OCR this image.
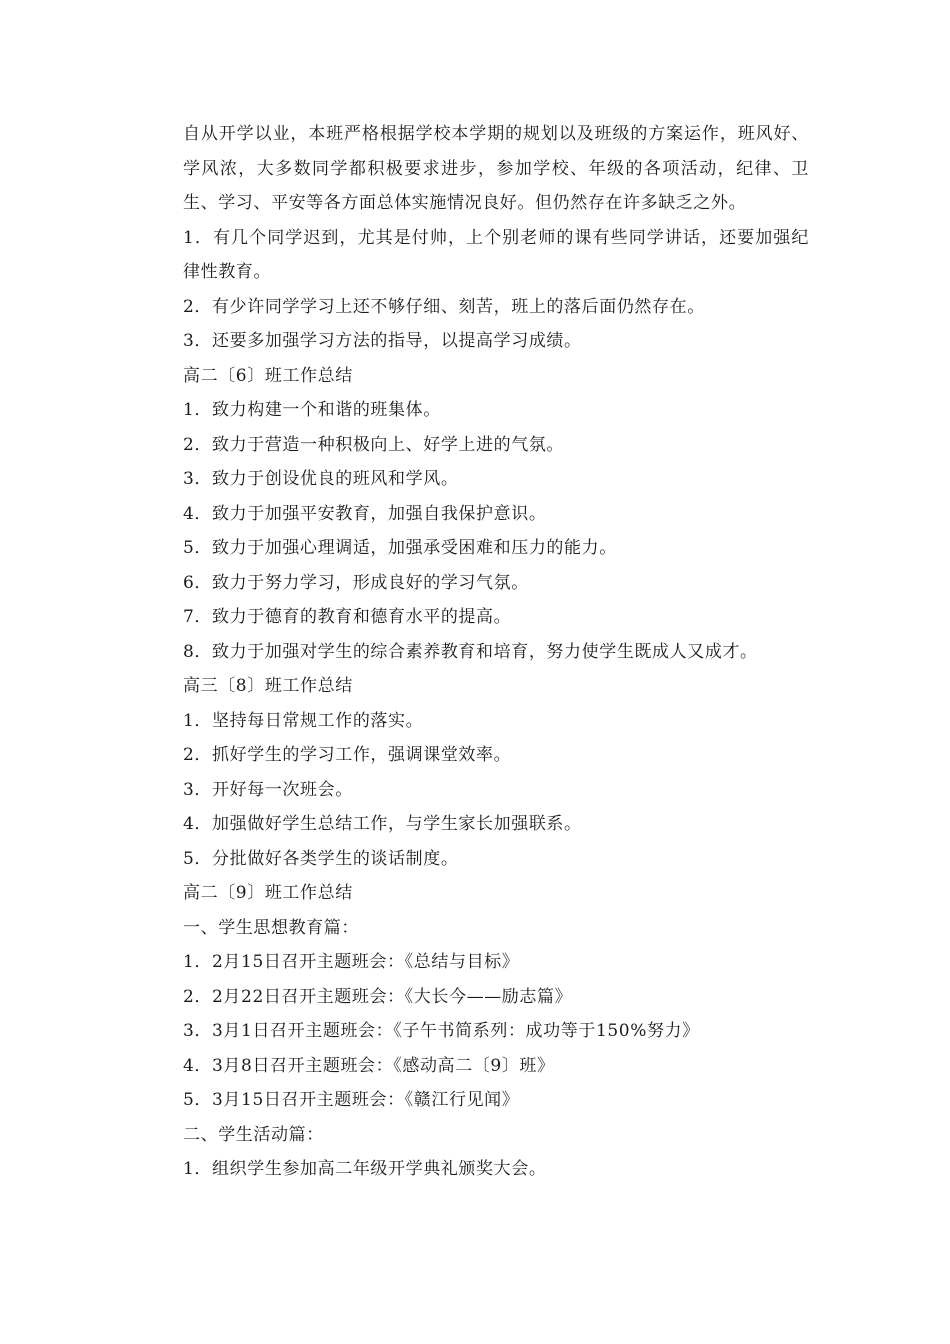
自从开学以业，本班严格根据学校本学期的规划以及班级的方案运作，班风好、学风浓，大多数同学都积极要求进步，参加学校、年级的各项活动，纪律、卫生、学习、平安等各方面总体实施情况良好。但仍然存在许多缺乏之外。
1．有几个同学迟到，尤其是付帅，上个别老师的课有些同学讲话，还要加强纪律性教育。
2．有少许同学学习上还不够仔细、刻苦，班上的落后面仍然存在。
3．还要多加强学习方法的指导，以提高学习成绩。
高二〔6〕班工作总结
1．致力构建一个和谐的班集体。
2．致力于营造一种积极向上、好学上进的气氛。
3．致力于创设优良的班风和学风。
4．致力于加强平安教育，加强自我保护意识。
5．致力于加强心理调适，加强承受困难和压力的能力。
6．致力于努力学习，形成良好的学习气氛。
7．致力于德育的教育和德育水平的提高。
8．致力于加强对学生的综合素养教育和培育，努力使学生既成人又成才。
高三〔8〕班工作总结
1．坚持每日常规工作的落实。
2．抓好学生的学习工作，强调课堂效率。
3．开好每一次班会。
4．加强做好学生总结工作，与学生家长加强联系。
5．分批做好各类学生的谈话制度。
高二〔9〕班工作总结
一、学生思想教育篇：
1．2月15日召开主题班会：《总结与目标》
2．2月22日召开主题班会：《大长今——励志篇》
3．3月1日召开主题班会：《子午书简系列：成功等于150%努力》
4．3月8日召开主题班会：《感动高二〔9〕班》
5．3月15日召开主题班会：《赣江行见闻》
二、学生活动篇：
1．组织学生参加高二年级开学典礼颁奖大会。
